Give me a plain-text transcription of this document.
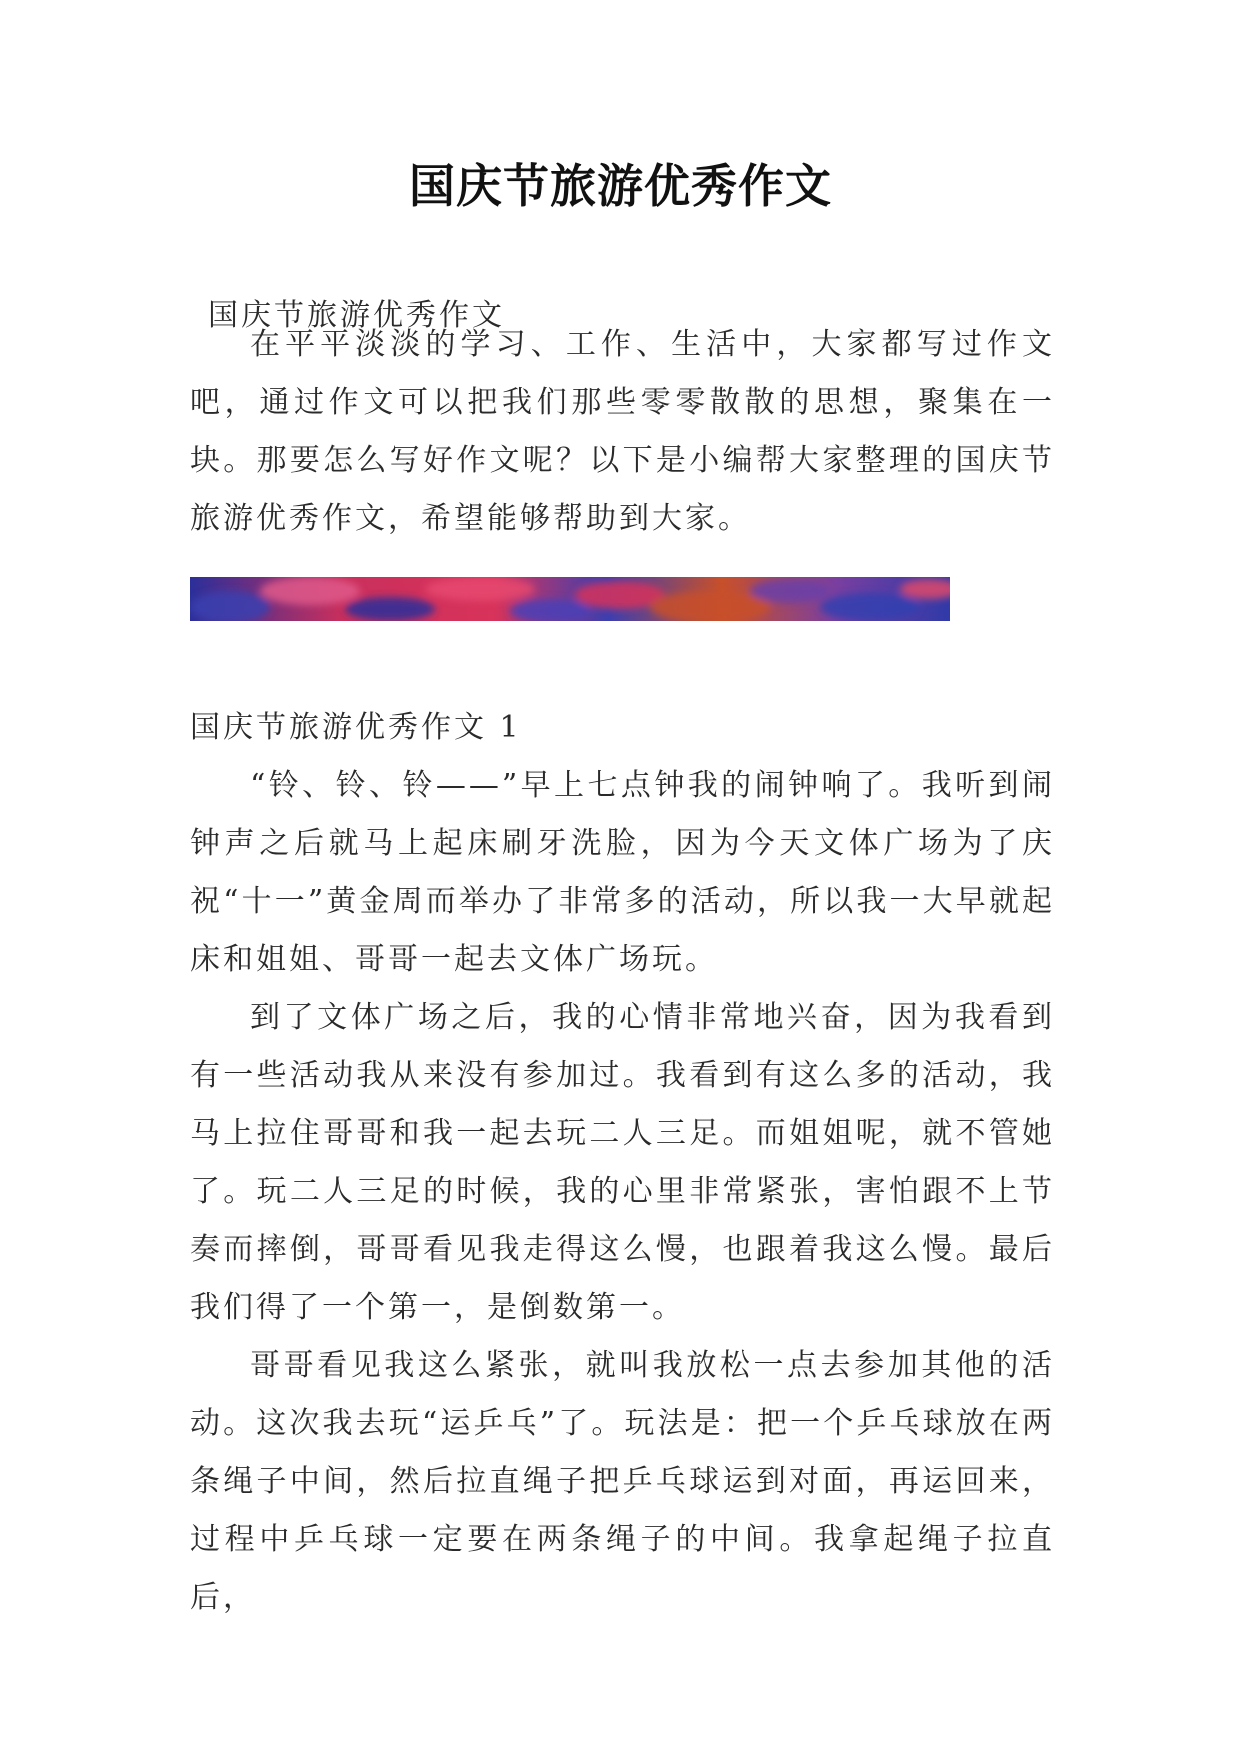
国庆节旅游优秀作文

国庆节旅游优秀作文

在平平淡淡的学习、工作、生活中，大家都写过作文吧，通过作文可以把我们那些零零散散的思想，聚集在一块。那要怎么写好作文呢？以下是小编帮大家整理的国庆节旅游优秀作文，希望能够帮助到大家。

国庆节旅游优秀作文 1

“铃、铃、铃——”早上七点钟我的闹钟响了。我听到闹钟声之后就马上起床刷牙洗脸，因为今天文体广场为了庆祝“十一”黄金周而举办了非常多的活动，所以我一大早就起床和姐姐、哥哥一起去文体广场玩。

到了文体广场之后，我的心情非常地兴奋，因为我看到有一些活动我从来没有参加过。我看到有这么多的活动，我马上拉住哥哥和我一起去玩二人三足。而姐姐呢，就不管她了。玩二人三足的时候，我的心里非常紧张，害怕跟不上节奏而摔倒，哥哥看见我走得这么慢，也跟着我这么慢。最后我们得了一个第一，是倒数第一。

哥哥看见我这么紧张，就叫我放松一点去参加其他的活动。这次我去玩“运乒乓”了。玩法是：把一个乒乓球放在两条绳子中间，然后拉直绳子把乒乓球运到对面，再运回来，过程中乒乓球一定要在两条绳子的中间。我拿起绳子拉直后，
